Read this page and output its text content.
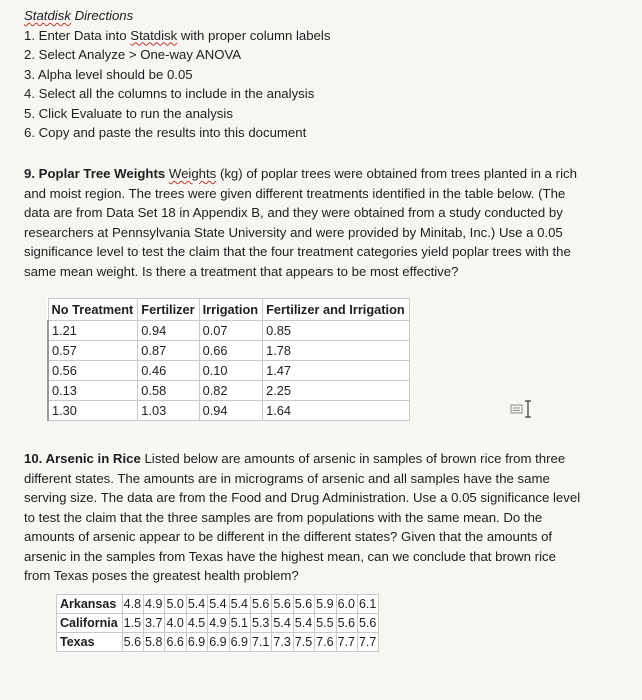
Statdisk Directions
1. Enter Data into Statdisk with proper column labels
2. Select Analyze > One-way ANOVA
3. Alpha level should be 0.05
4. Select all the columns to include in the analysis
5. Click Evaluate to run the analysis
6. Copy and paste the results into this document
9. Poplar Tree Weights Weights (kg) of poplar trees were obtained from trees planted in a rich
and moist region. The trees were given different treatments identified in the table below. (The
data are from Data Set 18 in Appendix B, and they were obtained from a study conducted by
researchers at Pennsylvania State University and were provided by Minitab, Inc.) Use a 0.05
significance level to test the claim that the four treatment categories yield poplar trees with the
same mean weight. Is there a treatment that appears to be most effective?
No Treatment	Fertilizer	Irrigation	Fertilizer and Irrigation
1.21	0.94	0.07	0.85
0.57	0.87	0.66	1.78
0.56	0.46	0.10	1.47
0.13	0.58	0.82	2.25
1.30	1.03	0.94	1.64
10. Arsenic in Rice Listed below are amounts of arsenic in samples of brown rice from three
different states. The amounts are in micrograms of arsenic and all samples have the same
serving size. The data are from the Food and Drug Administration. Use a 0.05 significance level
to test the claim that the three samples are from populations with the same mean. Do the
amounts of arsenic appear to be different in the different states? Given that the amounts of
arsenic in the samples from Texas have the highest mean, can we conclude that brown rice
from Texas poses the greatest health problem?
Arkansas	4.8	4.9	5.0	5.4	5.4	5.4	5.6	5.6	5.6	5.9	6.0	6.1
California	1.5	3.7	4.0	4.5	4.9	5.1	5.3	5.4	5.4	5.5	5.6	5.6
Texas	5.6	5.8	6.6	6.9	6.9	6.9	7.1	7.3	7.5	7.6	7.7	7.7
